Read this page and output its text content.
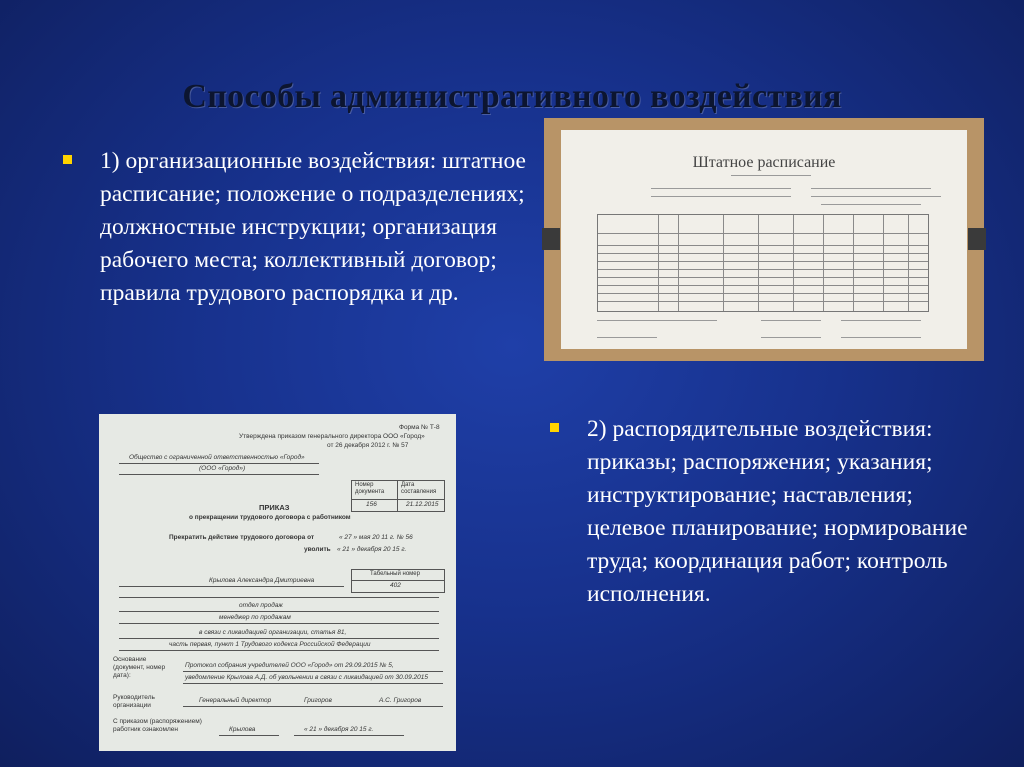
Способы административного воздействия
1) организационные воздействия: штатное расписание; положение о подразделениях; должностные инструкции; организация рабочего места; коллективный договор; правила трудового распорядка и др.
Штатное расписание
Форма № Т-8
Утверждена приказом генерального директора ООО «Город»
от 26 декабря 2012 г. № 57
Общество с ограниченной ответственностью «Город»
(ООО «Город»)
Номер документа
Дата составления
156	21.12.2015
ПРИКАЗ
о прекращении трудового договора с работником
Прекратить действие трудового договора от	« 27 » мая 20 11 г. № 56
уволить « 21 » декабря 20 15 г.
Табельный номер
402
Крылова Александра Дмитриевна
отдел продаж
менеджер по продажам
в связи с ликвидацией организации, статья 81,
часть первая, пункт 1 Трудового кодекса Российской Федерации
Основание (документ, номер дата):
Протокол собрания учредителей ООО «Город» от 29.09.2015 № 5,
уведомление Крылова А.Д. об увольнении в связи с ликвидацией от 30.09.2015
Руководитель организации
Генеральный директор	Григоров	А.С. Григоров
С приказом (распоряжением) работник ознакомлен	Крылова	« 21 » декабря 20 15 г.
2) распорядительные воздействия: приказы; распоряжения; указания; инструктирование; наставления; целевое планирование; нормирование труда; координация работ; контроль исполнения.
